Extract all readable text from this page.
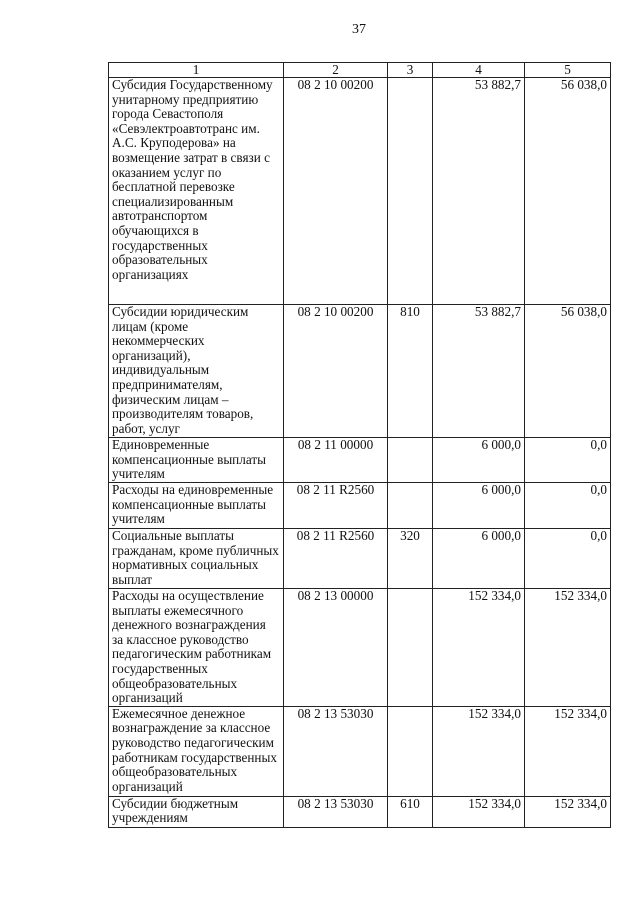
37
1	2	3	4	5
Субсидия Государственному унитарному предприятию города Севастополя «Севэлектроавтотранс им. А.С. Круподерова» на возмещение затрат в связи с оказанием услуг по бесплатной перевозке специализированным автотранспортом обучающихся в государственных образовательных организациях	08 2 10 00200		53 882,7	56 038,0
Субсидии юридическим лицам (кроме некоммерческих организаций), индивидуальным предпринимателям, физическим лицам – производителям товаров, работ, услуг	08 2 10 00200	810	53 882,7	56 038,0
Единовременные компенсационные выплаты учителям	08 2 11 00000		6 000,0	0,0
Расходы на единовременные компенсационные выплаты учителям	08 2 11 R2560		6 000,0	0,0
Социальные выплаты гражданам, кроме публичных нормативных социальных выплат	08 2 11 R2560	320	6 000,0	0,0
Расходы на осуществление выплаты ежемесячного денежного вознаграждения за классное руководство педагогическим работникам государственных общеобразовательных организаций	08 2 13 00000		152 334,0	152 334,0
Ежемесячное денежное вознаграждение за классное руководство педагогическим работникам государственных общеобразовательных организаций	08 2 13 53030		152 334,0	152 334,0
Субсидии бюджетным учреждениям	08 2 13 53030	610	152 334,0	152 334,0
